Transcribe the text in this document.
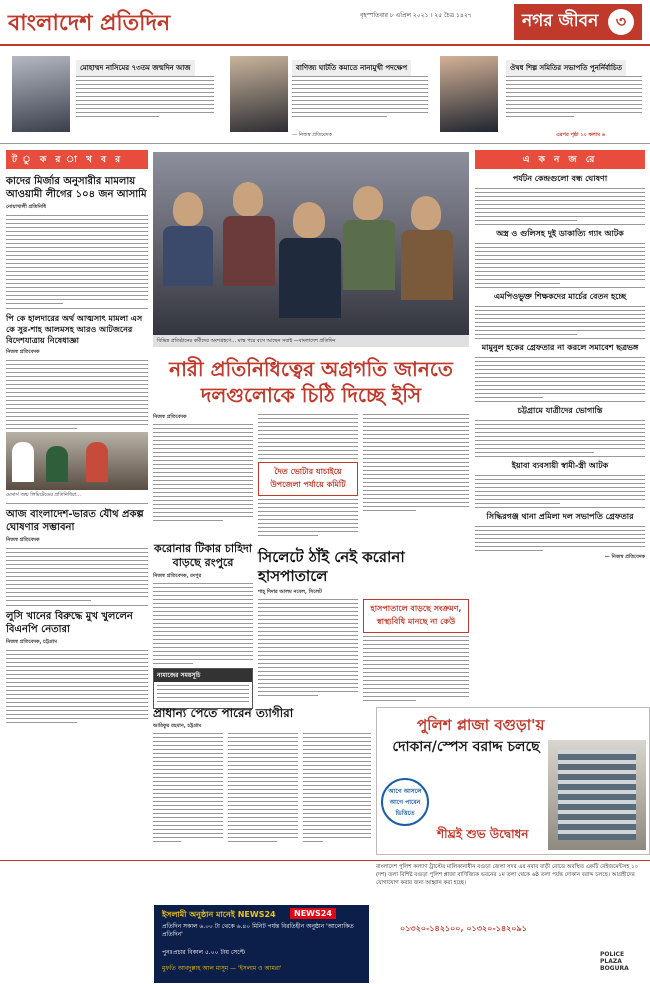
বাংলাদেশ প্রতিদিন	বৃহস্পতিবার ৮ এপ্রিল ২০২১ । ২৫ চৈত্র ১৪২৭	নগর জীবন	৩
মোহাম্মদ নাসিমের ৭৩তম জন্মদিন আজ	বাণিজ্য ঘাটতি কমাতে নানামুখী পদক্ষেপ
— নিজস্ব প্রতিবেদক
ঔষধ শিল্প সমিতির সভাপতি পুনর্নির্বাচিত
এরপর পৃষ্ঠা ১০ কলাম ৬
ট ু ক র া খ ব র
কাদের মির্জার অনুসারীর মামলায় আওয়ামী লীগের ১০৪ জন আসামি
নোয়াখালী প্রতিনিধি
পি কে হালদারের অর্থ আত্মসাৎ মামলা এস কে সুর-শাহ আলমসহ আরও আটজনের বিদেশযাত্রায় নিষেধাজ্ঞা
নিজস্ব প্রতিবেদক
মেসার্স জন্ম লিমিটেডের প্রতিনিধিরা...
আজ বাংলাদেশ-ভারত যৌথ প্রকল্প ঘোষণার সম্ভাবনা
নিজস্ব প্রতিবেদক
লুসি খানের বিরুদ্ধে মুখ খুললেন বিএনপি নেতারা
নিজস্ব প্রতিবেদক, চট্টগ্রাম
বিভিন্ন প্রতিষ্ঠানের কর্মীদের অংশগ্রহণে... মাস্ক পরে বসে আছেন সবাই —বাংলাদেশ প্রতিদিন
নারী প্রতিনিধিত্বের অগ্রগতি জানতে দলগুলোকে চিঠি দিচ্ছে ইসি
নিজস্ব প্রতিবেদক
দৈত ভোটার যাচাইয়ে উপজেলা পর্যায়ে কমিটি
করোনার টিকার চাহিদা বাড়ছে রংপুরে
নিজস্ব প্রতিবেদক, রংপুর
নামাজের সময়সূচি
সিলেটে ঠাঁই নেই করোনা হাসপাতালে
শাহ্‌ দিদার আলম নবেল, সিলেট
হাসপাতালে বাড়ছে সংক্রমণ, স্বাস্থ্যবিধি মানছে না কেউ
প্রাধান্য পেতে পারেন ত্যাগীরা
আরিফুর রহমান, চট্টগ্রাম
এ ক ন জ রে
পর্যটন কেন্দ্রগুলো বন্ধ ঘোষণা
অস্ত্র ও গুলিসহ দুই ডাকাত্যি গ্যাং আটক
এমপিওভুক্ত শিক্ষকদের মার্চের বেতন হচ্ছে
মামুনুল হকের গ্রেফতার না করলে সমাবেশ ছত্রভঙ্গ
চট্টগ্রামে যাত্রীদের ভোগান্তি
ইয়াবা ব্যবসায়ী স্বামী-স্ত্রী আটক
সিদ্ধিরগঞ্জ থানা প্রমিলা দল সভাপতি গ্রেফতার
— নিজস্ব প্রতিবেদক
পুলিশ প্লাজা বগুড়া'য়
দোকান/স্পেস বরাদ্দ চলছে
আগে আসলে আগে পাবেন ভিত্তিতে
শীঘ্রই শুভ উদ্বোধন
বাংলাদেশ পুলিশ কল্যাণ ট্রাস্টের মালিকানাধীন বগুড়া জেলা সদর এর নবাব বাড়ী রোডে অবস্থিত একটি বেইজমেন্টসহ ১০ (দশ) তলা বিশিষ্ট বগুড়া পুলিশ প্লাজা বাণিজ্যিক ভবনের ১ম তলা থেকে ৬ষ্ঠ তলা পর্যন্ত দোকান বরাদ্দ চলছে। আগ্রহীদের যোগাযোগ করার জন্য আহ্বান করা হচ্ছে।
০১৩২০-১৪২১০০, ০১৩২০-১৪২০৯১
POLICE PLAZA BOGURA
ইসলামী অনুষ্ঠান মানেই NEWS24
প্রতিদিন সকাল ৬.০০ টা থেকে ৬.৪০ মিনিট পর্যন্ত বিরতিহীন অনুষ্ঠান 'আলোকিত প্রতিদিন'
পুনঃপ্রচার বিকাল ৫.০০ টায় সেপ্টে
মুফতি আবদুল্লাহ আল মাসুম — 'ইসলাম ও আমরা'
NEWS24
